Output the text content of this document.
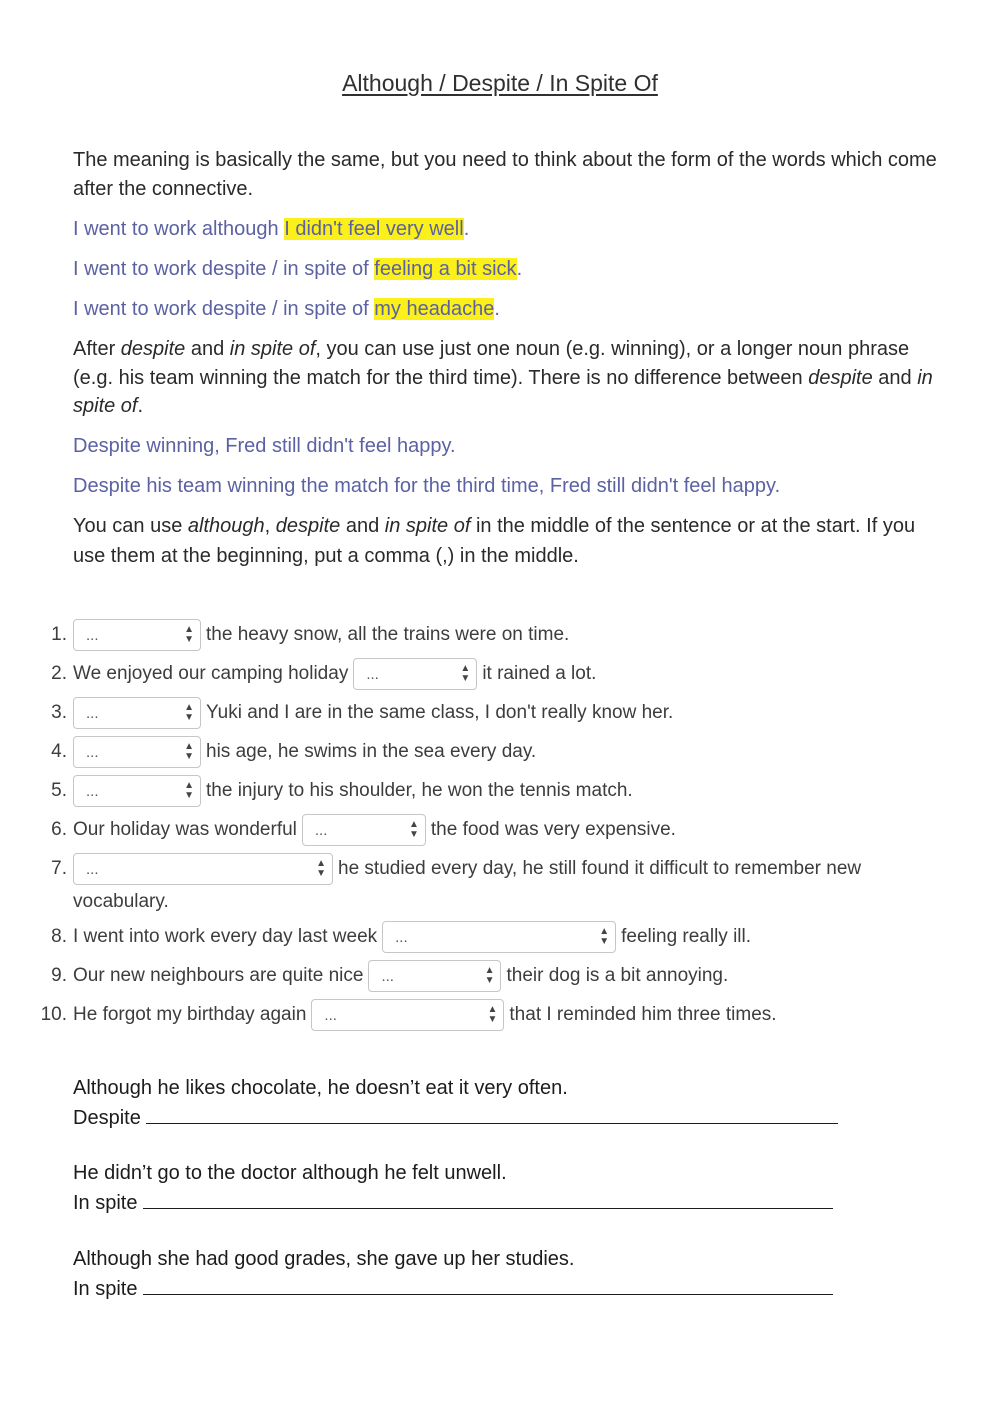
Although / Despite / In Spite Of
The meaning is basically the same, but you need to think about the form of the words which come after the connective.
I went to work although I didn't feel very well.
I went to work despite / in spite of feeling a bit sick.
I went to work despite / in spite of my headache.
After despite and in spite of, you can use just one noun (e.g. winning), or a longer noun phrase (e.g. his team winning the match for the third time). There is no difference between despite and in spite of.
Despite winning, Fred still didn't feel happy.
Despite his team winning the match for the third time, Fred still didn't feel happy.
You can use although, despite and in spite of in the middle of the sentence or at the start. If you use them at the beginning, put a comma (,) in the middle.
1. ...	▲
▼ the heavy snow, all the trains were on time.
2. We enjoyed our camping holiday ...	▲
▼ it rained a lot.
3. ...	▲
▼ Yuki and I are in the same class, I don't really know her.
4. ...	▲
▼ his age, he swims in the sea every day.
5. ...	▲
▼ the injury to his shoulder, he won the tennis match.
6. Our holiday was wonderful ...	▲
▼ the food was very expensive.
7. ...	▲
▼ he studied every day, he still found it difficult to remember new
vocabulary.
8. I went into work every day last week ...	▲
▼ feeling really ill.
9. Our new neighbours are quite nice ...	▲
▼ their dog is a bit annoying.
10. He forgot my birthday again ...	▲
▼ that I reminded him three times.
Although he likes chocolate, he doesn’t eat it very often.
Despite
He didn’t go to the doctor although he felt unwell.
In spite
Although she had good grades, she gave up her studies.
In spite
